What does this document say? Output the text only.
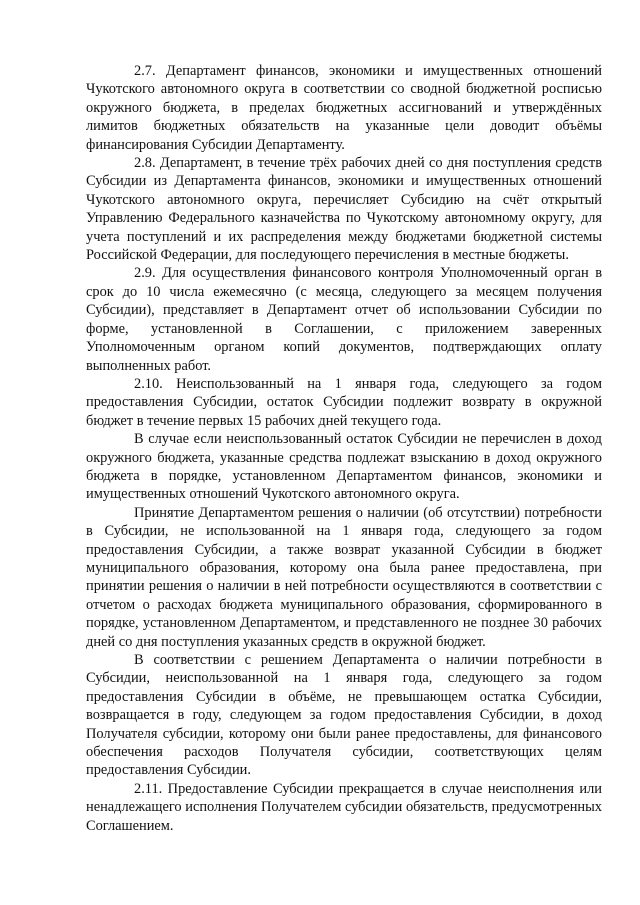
2.7. Департамент финансов, экономики и имущественных отношений Чукотского автономного округа в соответствии со сводной бюджетной росписью окружного бюджета, в пределах бюджетных ассигнований и утверждённых лимитов бюджетных обязательств на указанные цели доводит объёмы финансирования Субсидии Департаменту.

2.8. Департамент, в течение трёх рабочих дней со дня поступления средств Субсидии из Департамента финансов, экономики и имущественных отношений Чукотского автономного округа, перечисляет Субсидию на счёт открытый Управлению Федерального казначейства по Чукотскому автономному округу, для учета поступлений и их распределения между бюджетами бюджетной системы Российской Федерации, для последующего перечисления в местные бюджеты.

2.9. Для осуществления финансового контроля Уполномоченный орган в срок до 10 числа ежемесячно (с месяца, следующего за месяцем получения Субсидии), представляет в Департамент отчет об использовании Субсидии по форме, установленной в Соглашении, с приложением заверенных Уполномоченным органом копий документов, подтверждающих оплату выполненных работ.

2.10. Неиспользованный на 1 января года, следующего за годом предоставления Субсидии, остаток Субсидии подлежит возврату в окружной бюджет в течение первых 15 рабочих дней текущего года.

В случае если неиспользованный остаток Субсидии не перечислен в доход окружного бюджета, указанные средства подлежат взысканию в доход окружного бюджета в порядке, установленном Департаментом финансов, экономики и имущественных отношений Чукотского автономного округа.

Принятие Департаментом решения о наличии (об отсутствии) потребности в Субсидии, не использованной на 1 января года, следующего за годом предоставления Субсидии, а также возврат указанной Субсидии в бюджет муниципального образования, которому она была ранее предоставлена, при принятии решения о наличии в ней потребности осуществляются в соответствии с отчетом о расходах бюджета муниципального образования, сформированного в порядке, установленном Департаментом, и представленного не позднее 30 рабочих дней со дня поступления указанных средств в окружной бюджет.

В соответствии с решением Департамента о наличии потребности в Субсидии, неиспользованной на 1 января года, следующего за годом предоставления Субсидии в объёме, не превышающем остатка Субсидии, возвращается в году, следующем за годом предоставления Субсидии, в доход Получателя субсидии, которому они были ранее предоставлены, для финансового обеспечения расходов Получателя субсидии, соответствующих целям предоставления Субсидии.

2.11. Предоставление Субсидии прекращается в случае неисполнения или ненадлежащего исполнения Получателем субсидии обязательств, предусмотренных Соглашением.
